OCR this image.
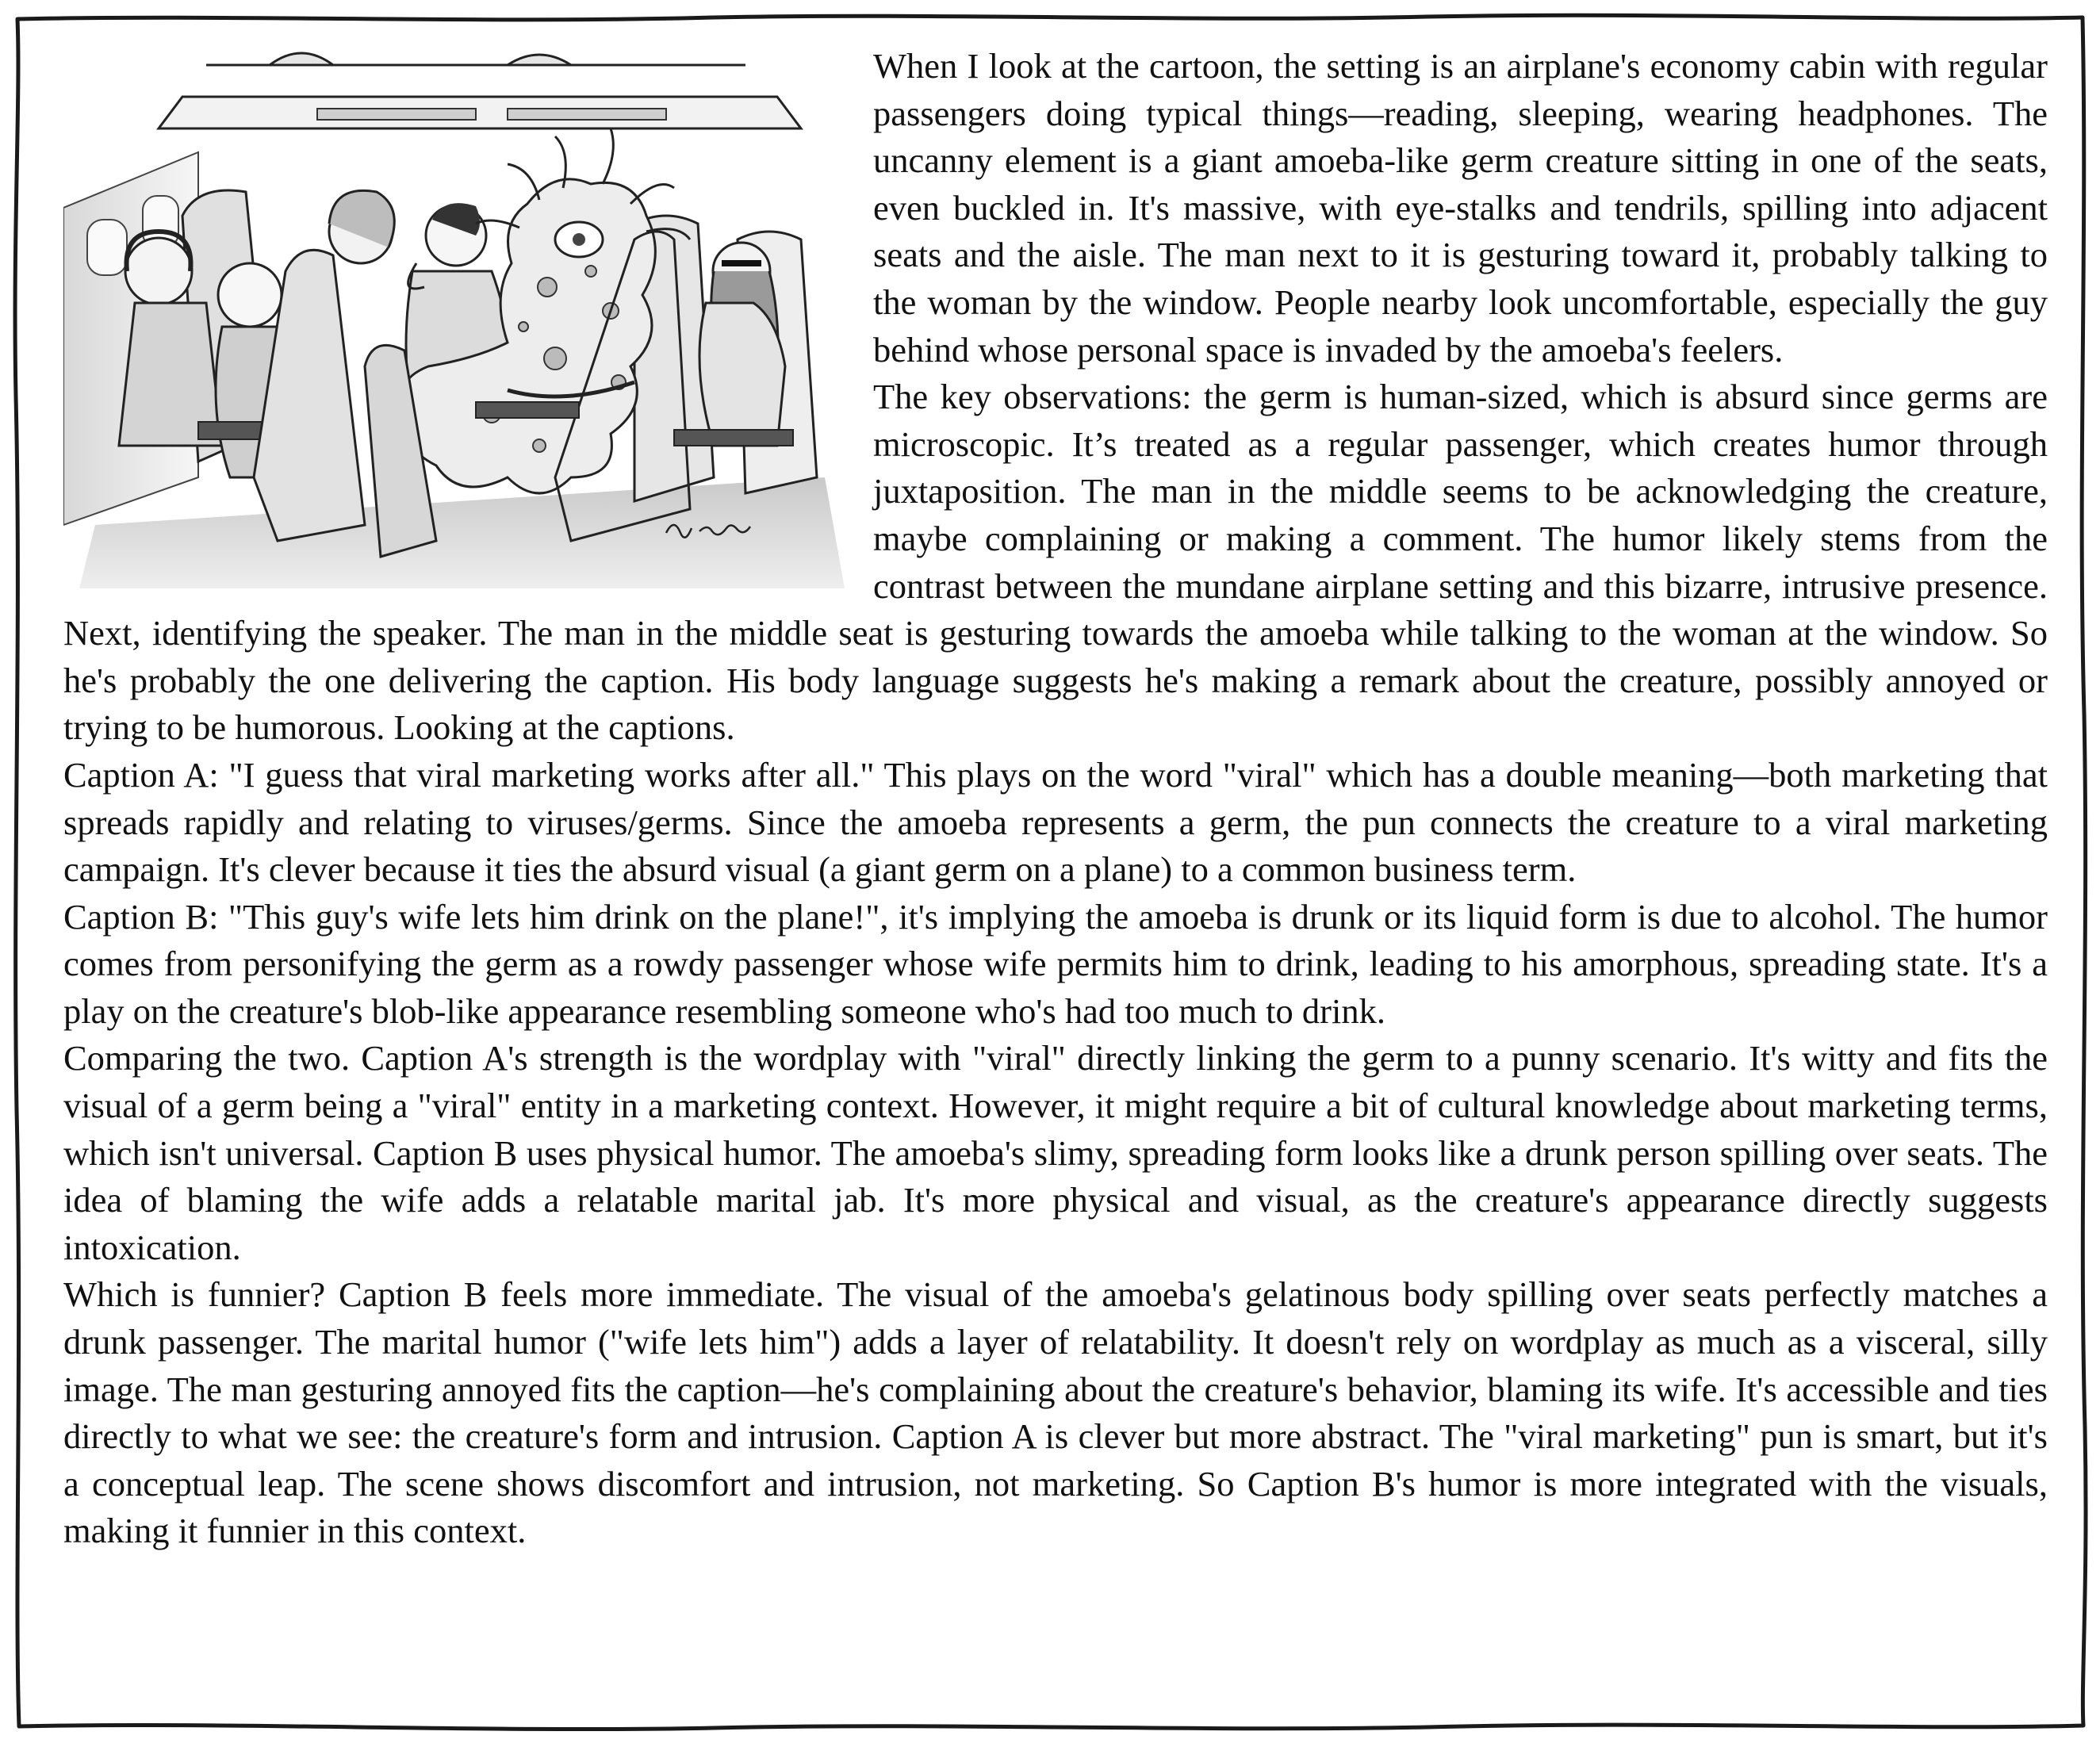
When I look at the cartoon, the setting is an airplane's economy cabin with regular passengers doing typical things—reading, sleeping, wearing headphones. The uncanny element is a giant amoeba-like germ creature sitting in one of the seats, even buckled in. It's massive, with eye-stalks and tendrils, spilling into adjacent seats and the aisle. The man next to it is gesturing toward it, probably talking to the woman by the window. People nearby look uncomfortable, especially the guy behind whose personal space is invaded by the amoeba's feelers.

The key observations: the germ is human-sized, which is absurd since germs are microscopic. It’s treated as a regular passenger, which creates humor through juxtaposition. The man in the middle seems to be acknowledging the creature, maybe complaining or making a comment. The humor likely stems from the contrast between the mundane airplane setting and this bizarre, intrusive presence. Next, identifying the speaker. The man in the middle seat is gesturing towards the amoeba while talking to the woman at the window. So he's probably the one delivering the caption. His body language suggests he's making a remark about the creature, possibly annoyed or trying to be humorous. Looking at the captions.

Caption A: "I guess that viral marketing works after all." This plays on the word "viral" which has a double meaning—both marketing that spreads rapidly and relating to viruses/germs. Since the amoeba represents a germ, the pun connects the creature to a viral marketing campaign. It's clever because it ties the absurd visual (a giant germ on a plane) to a common business term.

Caption B: "This guy's wife lets him drink on the plane!", it's implying the amoeba is drunk or its liquid form is due to alcohol. The humor comes from personifying the germ as a rowdy passenger whose wife permits him to drink, leading to his amorphous, spreading state. It's a play on the creature's blob-like appearance resembling someone who's had too much to drink.

Comparing the two. Caption A's strength is the wordplay with "viral" directly linking the germ to a punny scenario. It's witty and fits the visual of a germ being a "viral" entity in a marketing context. However, it might require a bit of cultural knowledge about marketing terms, which isn't universal. Caption B uses physical humor. The amoeba's slimy, spreading form looks like a drunk person spilling over seats. The idea of blaming the wife adds a relatable marital jab. It's more physical and visual, as the creature's appearance directly suggests intoxication.

Which is funnier? Caption B feels more immediate. The visual of the amoeba's gelatinous body spilling over seats perfectly matches a drunk passenger. The marital humor ("wife lets him") adds a layer of relatability. It doesn't rely on wordplay as much as a visceral, silly image. The man gesturing annoyed fits the caption—he's complaining about the creature's behavior, blaming its wife. It's accessible and ties directly to what we see: the creature's form and intrusion. Caption A is clever but more abstract. The "viral marketing" pun is smart, but it's a conceptual leap. The scene shows discomfort and intrusion, not marketing. So Caption B's humor is more integrated with the visuals, making it funnier in this context.
